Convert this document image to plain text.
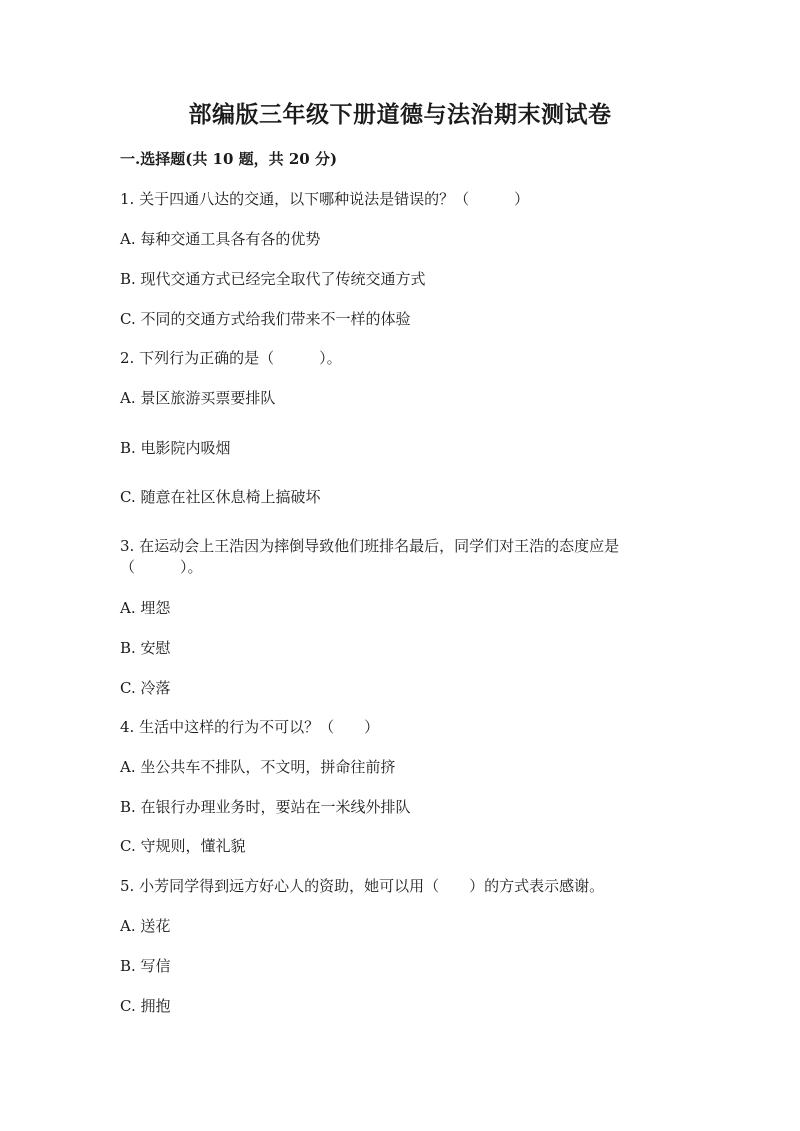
部编版三年级下册道德与法治期末测试卷
一.选择题(共 10 题，共 20 分)
1. 关于四通八达的交通，以下哪种说法是错误的？（　　　）
A. 每种交通工具各有各的优势
B. 现代交通方式已经完全取代了传统交通方式
C. 不同的交通方式给我们带来不一样的体验
2. 下列行为正确的是（　　　）。
A. 景区旅游买票要排队
B. 电影院内吸烟
C. 随意在社区休息椅上搞破坏
3. 在运动会上王浩因为摔倒导致他们班排名最后，同学们对王浩的态度应是（　　　）。
A. 埋怨
B. 安慰
C. 冷落
4. 生活中这样的行为不可以？（　　）
A. 坐公共车不排队，不文明，拼命往前挤
B. 在银行办理业务时，要站在一米线外排队
C. 守规则，懂礼貌
5. 小芳同学得到远方好心人的资助，她可以用（　　）的方式表示感谢。
A. 送花
B. 写信
C. 拥抱
